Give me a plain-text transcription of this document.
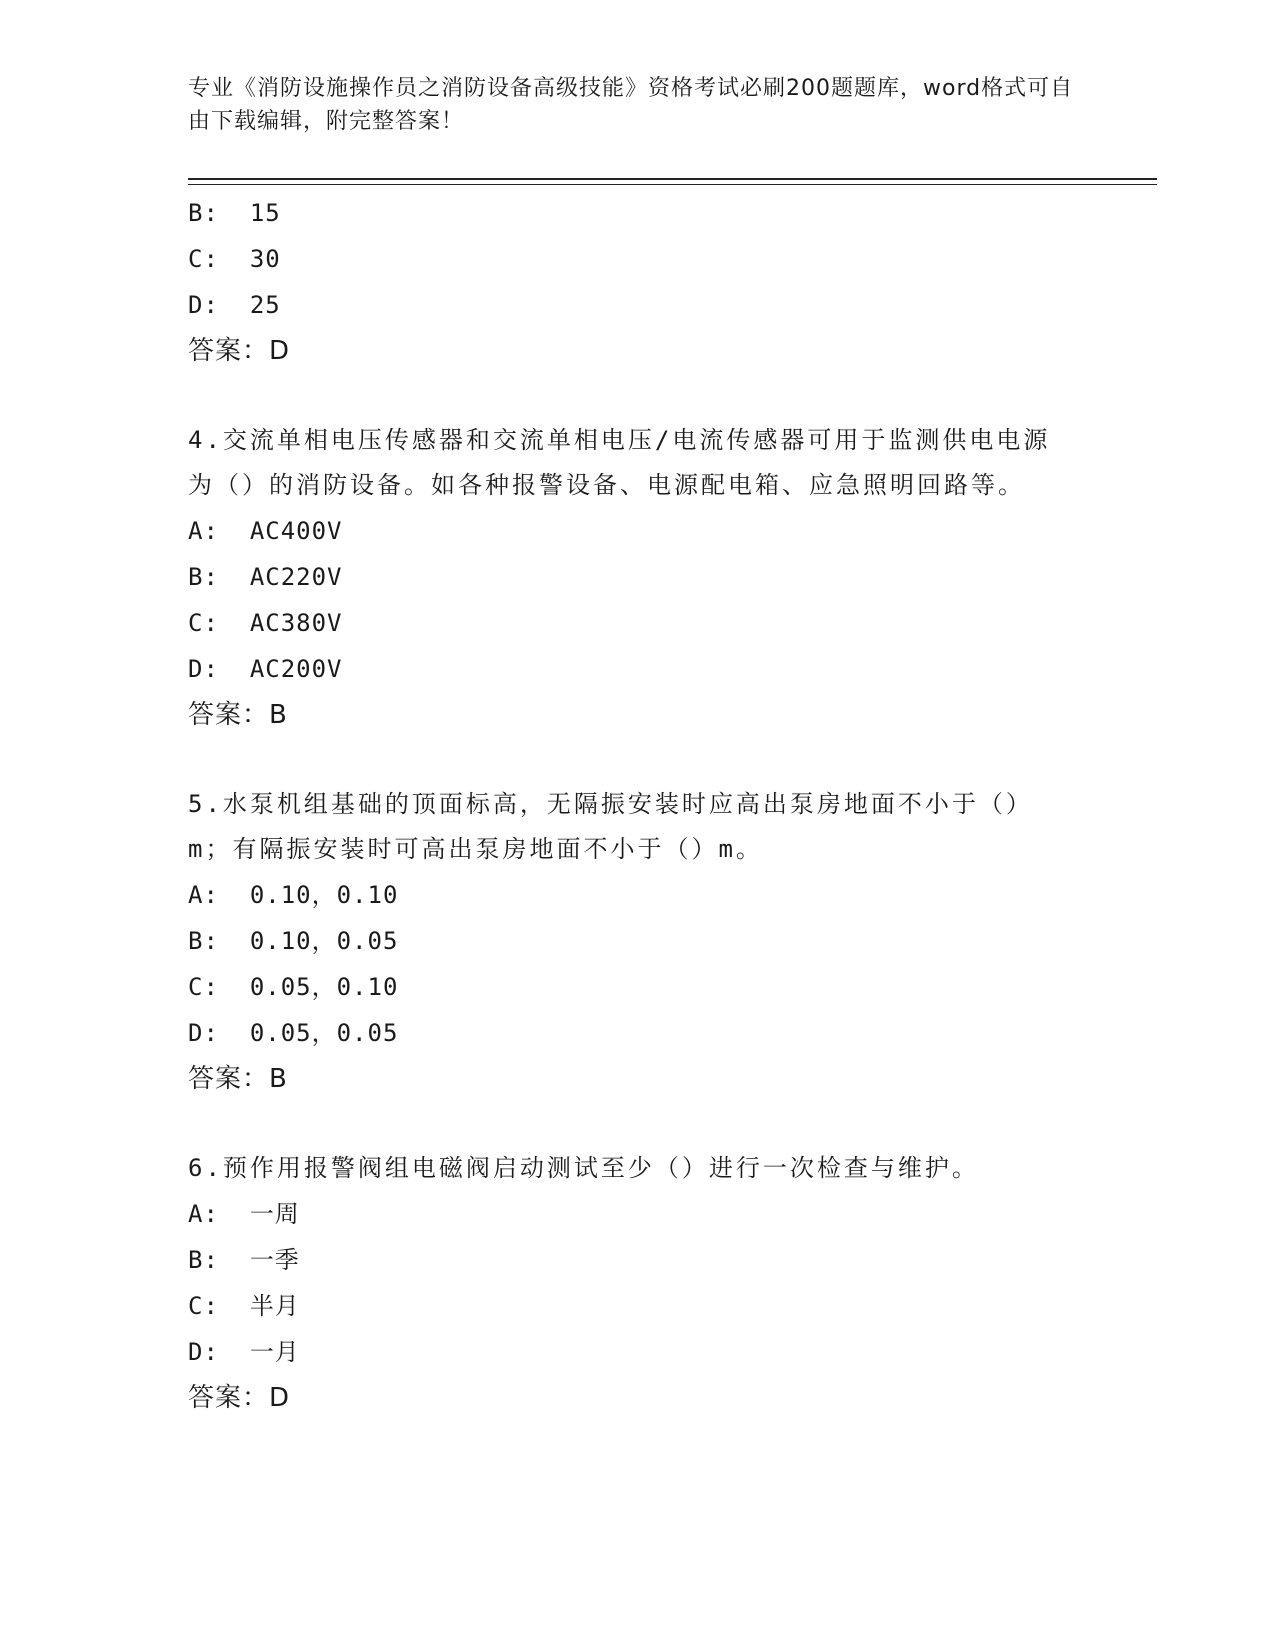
专业《消防设施操作员之消防设备高级技能》资格考试必刷200题题库，word格式可自由下载编辑，附完整答案！
B: 15
C: 30
D: 25
答案：D
4.交流单相电压传感器和交流单相电压/电流传感器可用于监测供电电源为（）的消防设备。如各种报警设备、电源配电箱、应急照明回路等。
A: AC400V
B: AC220V
C: AC380V
D: AC200V
答案：B
5.水泵机组基础的顶面标高，无隔振安装时应高出泵房地面不小于（）m；有隔振安装时可高出泵房地面不小于（）m。
A: 0.10，0.10
B: 0.10，0.05
C: 0.05，0.10
D: 0.05，0.05
答案：B
6.预作用报警阀组电磁阀启动测试至少（）进行一次检查与维护。
A: 一周
B: 一季
C: 半月
D: 一月
答案：D
